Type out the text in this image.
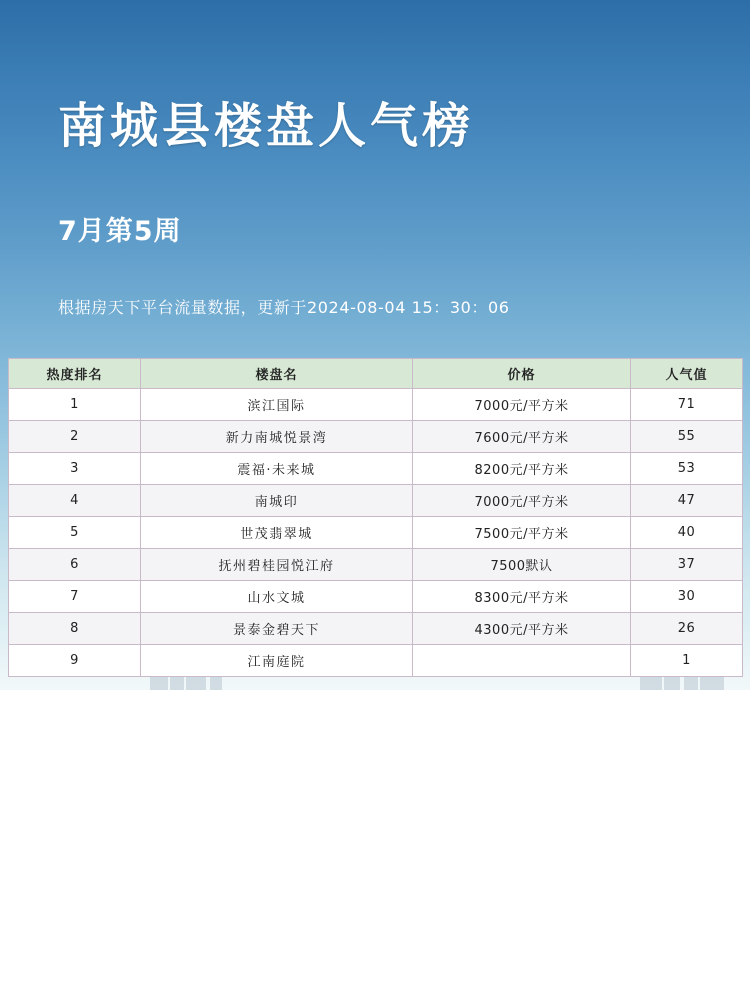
南城县楼盘人气榜
7月第5周
根据房天下平台流量数据，更新于2024-08-04 15：30：06
热度排名	楼盘名	价格	人气值
1	滨江国际	7000元/平方米	71
2	新力南城悦景湾	7600元/平方米	55
3	震福·未来城	8200元/平方米	53
4	南城印	7000元/平方米	47
5	世茂翡翠城	7500元/平方米	40
6	抚州碧桂园悦江府	7500默认	37
7	山水文城	8300元/平方米	30
8	景泰金碧天下	4300元/平方米	26
9	江南庭院		1
